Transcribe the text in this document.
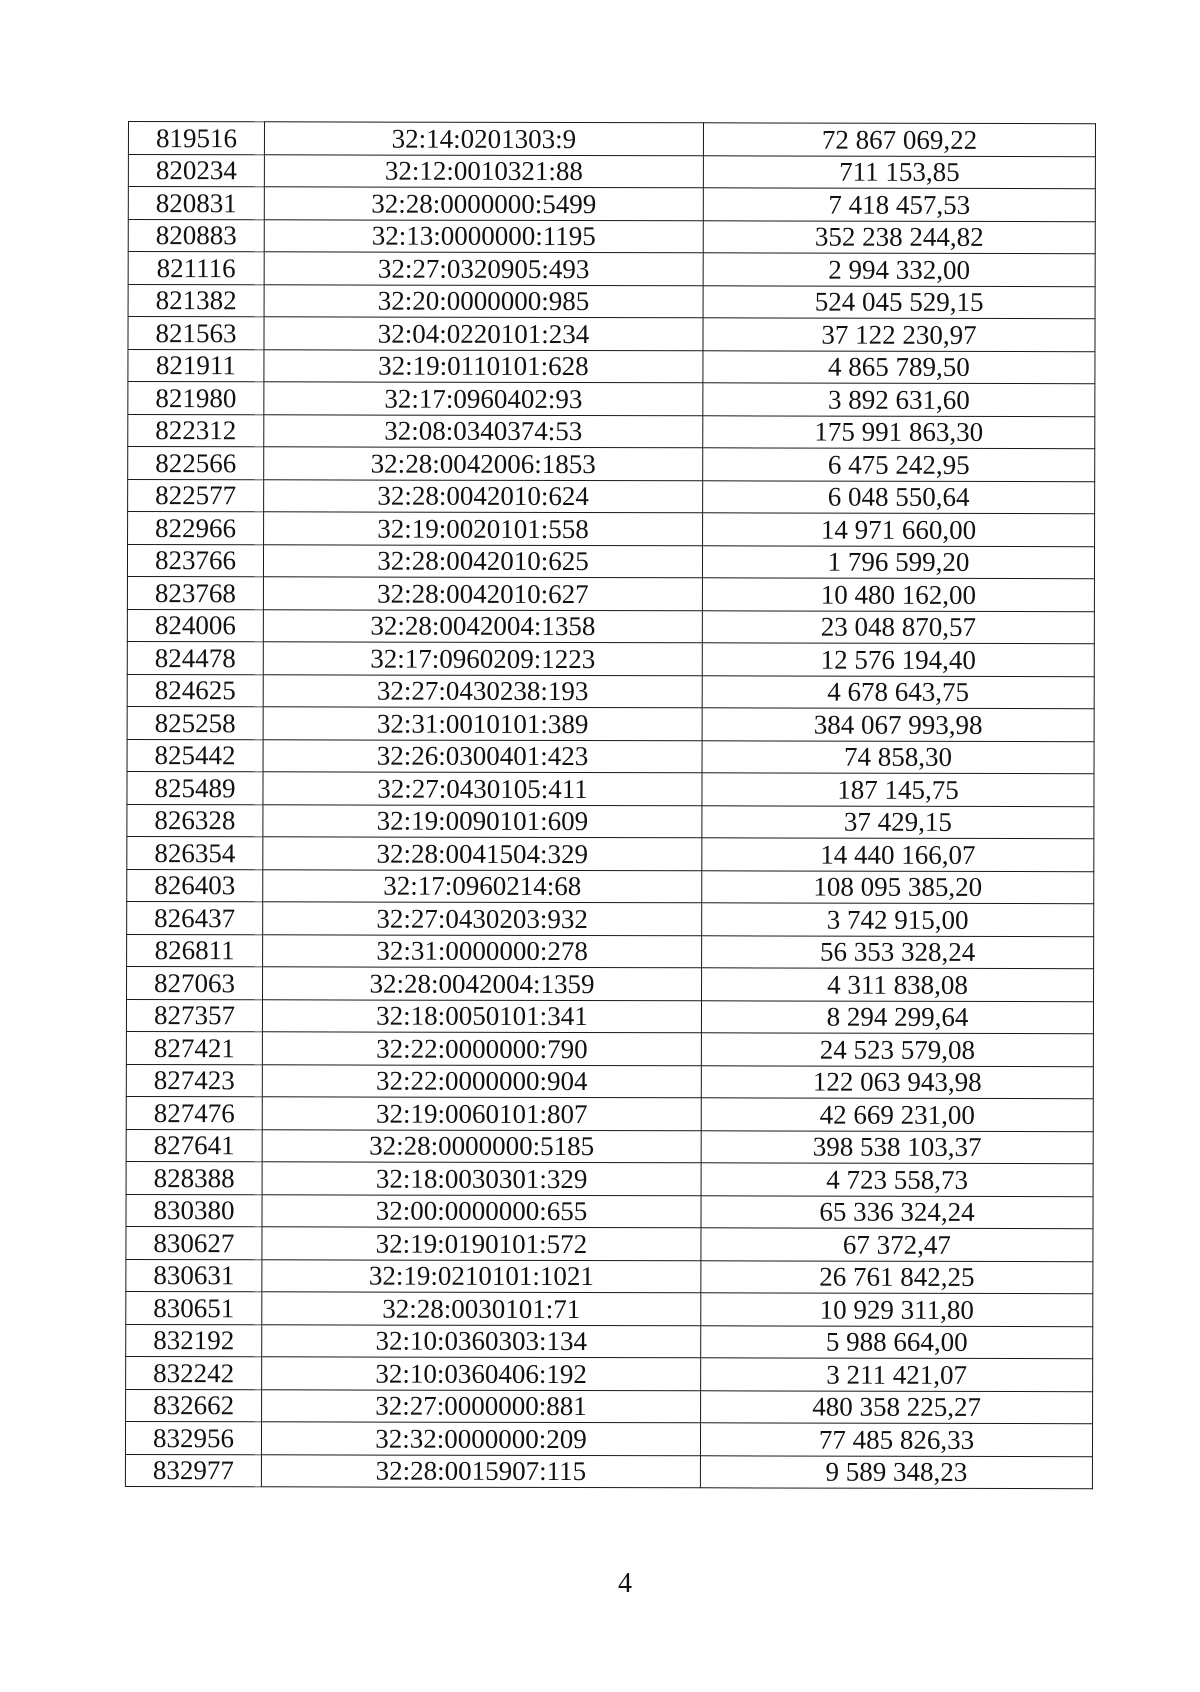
819516	32:14:0201303:9	72 867 069,22
820234	32:12:0010321:88	711 153,85
820831	32:28:0000000:5499	7 418 457,53
820883	32:13:0000000:1195	352 238 244,82
821116	32:27:0320905:493	2 994 332,00
821382	32:20:0000000:985	524 045 529,15
821563	32:04:0220101:234	37 122 230,97
821911	32:19:0110101:628	4 865 789,50
821980	32:17:0960402:93	3 892 631,60
822312	32:08:0340374:53	175 991 863,30
822566	32:28:0042006:1853	6 475 242,95
822577	32:28:0042010:624	6 048 550,64
822966	32:19:0020101:558	14 971 660,00
823766	32:28:0042010:625	1 796 599,20
823768	32:28:0042010:627	10 480 162,00
824006	32:28:0042004:1358	23 048 870,57
824478	32:17:0960209:1223	12 576 194,40
824625	32:27:0430238:193	4 678 643,75
825258	32:31:0010101:389	384 067 993,98
825442	32:26:0300401:423	74 858,30
825489	32:27:0430105:411	187 145,75
826328	32:19:0090101:609	37 429,15
826354	32:28:0041504:329	14 440 166,07
826403	32:17:0960214:68	108 095 385,20
826437	32:27:0430203:932	3 742 915,00
826811	32:31:0000000:278	56 353 328,24
827063	32:28:0042004:1359	4 311 838,08
827357	32:18:0050101:341	8 294 299,64
827421	32:22:0000000:790	24 523 579,08
827423	32:22:0000000:904	122 063 943,98
827476	32:19:0060101:807	42 669 231,00
827641	32:28:0000000:5185	398 538 103,37
828388	32:18:0030301:329	4 723 558,73
830380	32:00:0000000:655	65 336 324,24
830627	32:19:0190101:572	67 372,47
830631	32:19:0210101:1021	26 761 842,25
830651	32:28:0030101:71	10 929 311,80
832192	32:10:0360303:134	5 988 664,00
832242	32:10:0360406:192	3 211 421,07
832662	32:27:0000000:881	480 358 225,27
832956	32:32:0000000:209	77 485 826,33
832977	32:28:0015907:115	9 589 348,23
4
